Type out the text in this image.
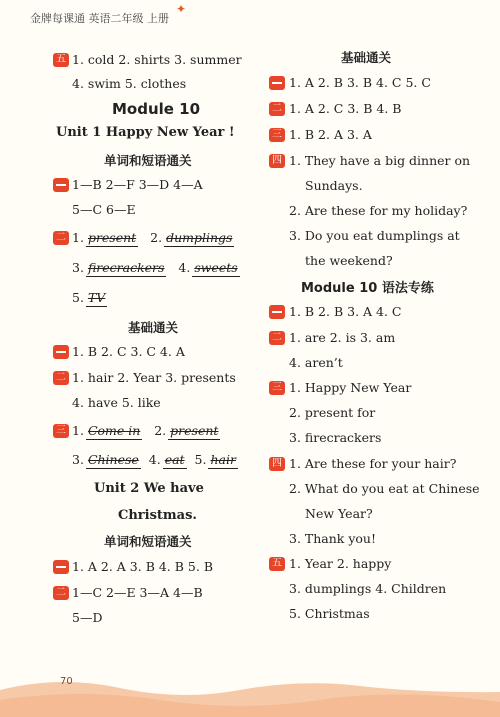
金牌每课通 英语二年级 上册
✦
五 1. cold 2. shirts 3. summer
4. swim 5. clothes
Module 10
Unit 1 Happy New Year !
单词和短语通关
1—B 2—F 3—D 4—A
5—C 6—E
二 1. present 2. dumplings
3. firecrackers 4. sweets
5. TV
基础通关
1. B 2. C 3. C 4. A
二 1. hair 2. Year 3. presents
4. have 5. like
三 1. Come in 2. present
3. Chinese 4. eat 5. hair
Unit 2 We have
Christmas.
单词和短语通关
1. A 2. A 3. B 4. B 5. B
二 1—C 2—E 3—A 4—B
5—D
基础通关
1. A 2. B 3. B 4. C 5. C
二 1. A 2. C 3. B 4. B
三 1. B 2. A 3. A
四 1. They have a big dinner on
Sundays.
2. Are these for my holiday?
3. Do you eat dumplings at
the weekend?
Module 10 语法专练
1. B 2. B 3. A 4. C
二 1. are 2. is 3. am
4. aren’t
三 1. Happy New Year
2. present for
3. firecrackers
四 1. Are these for your hair?
2. What do you eat at Chinese
New Year?
3. Thank you!
五 1. Year 2. happy
3. dumplings 4. Children
5. Christmas
70
